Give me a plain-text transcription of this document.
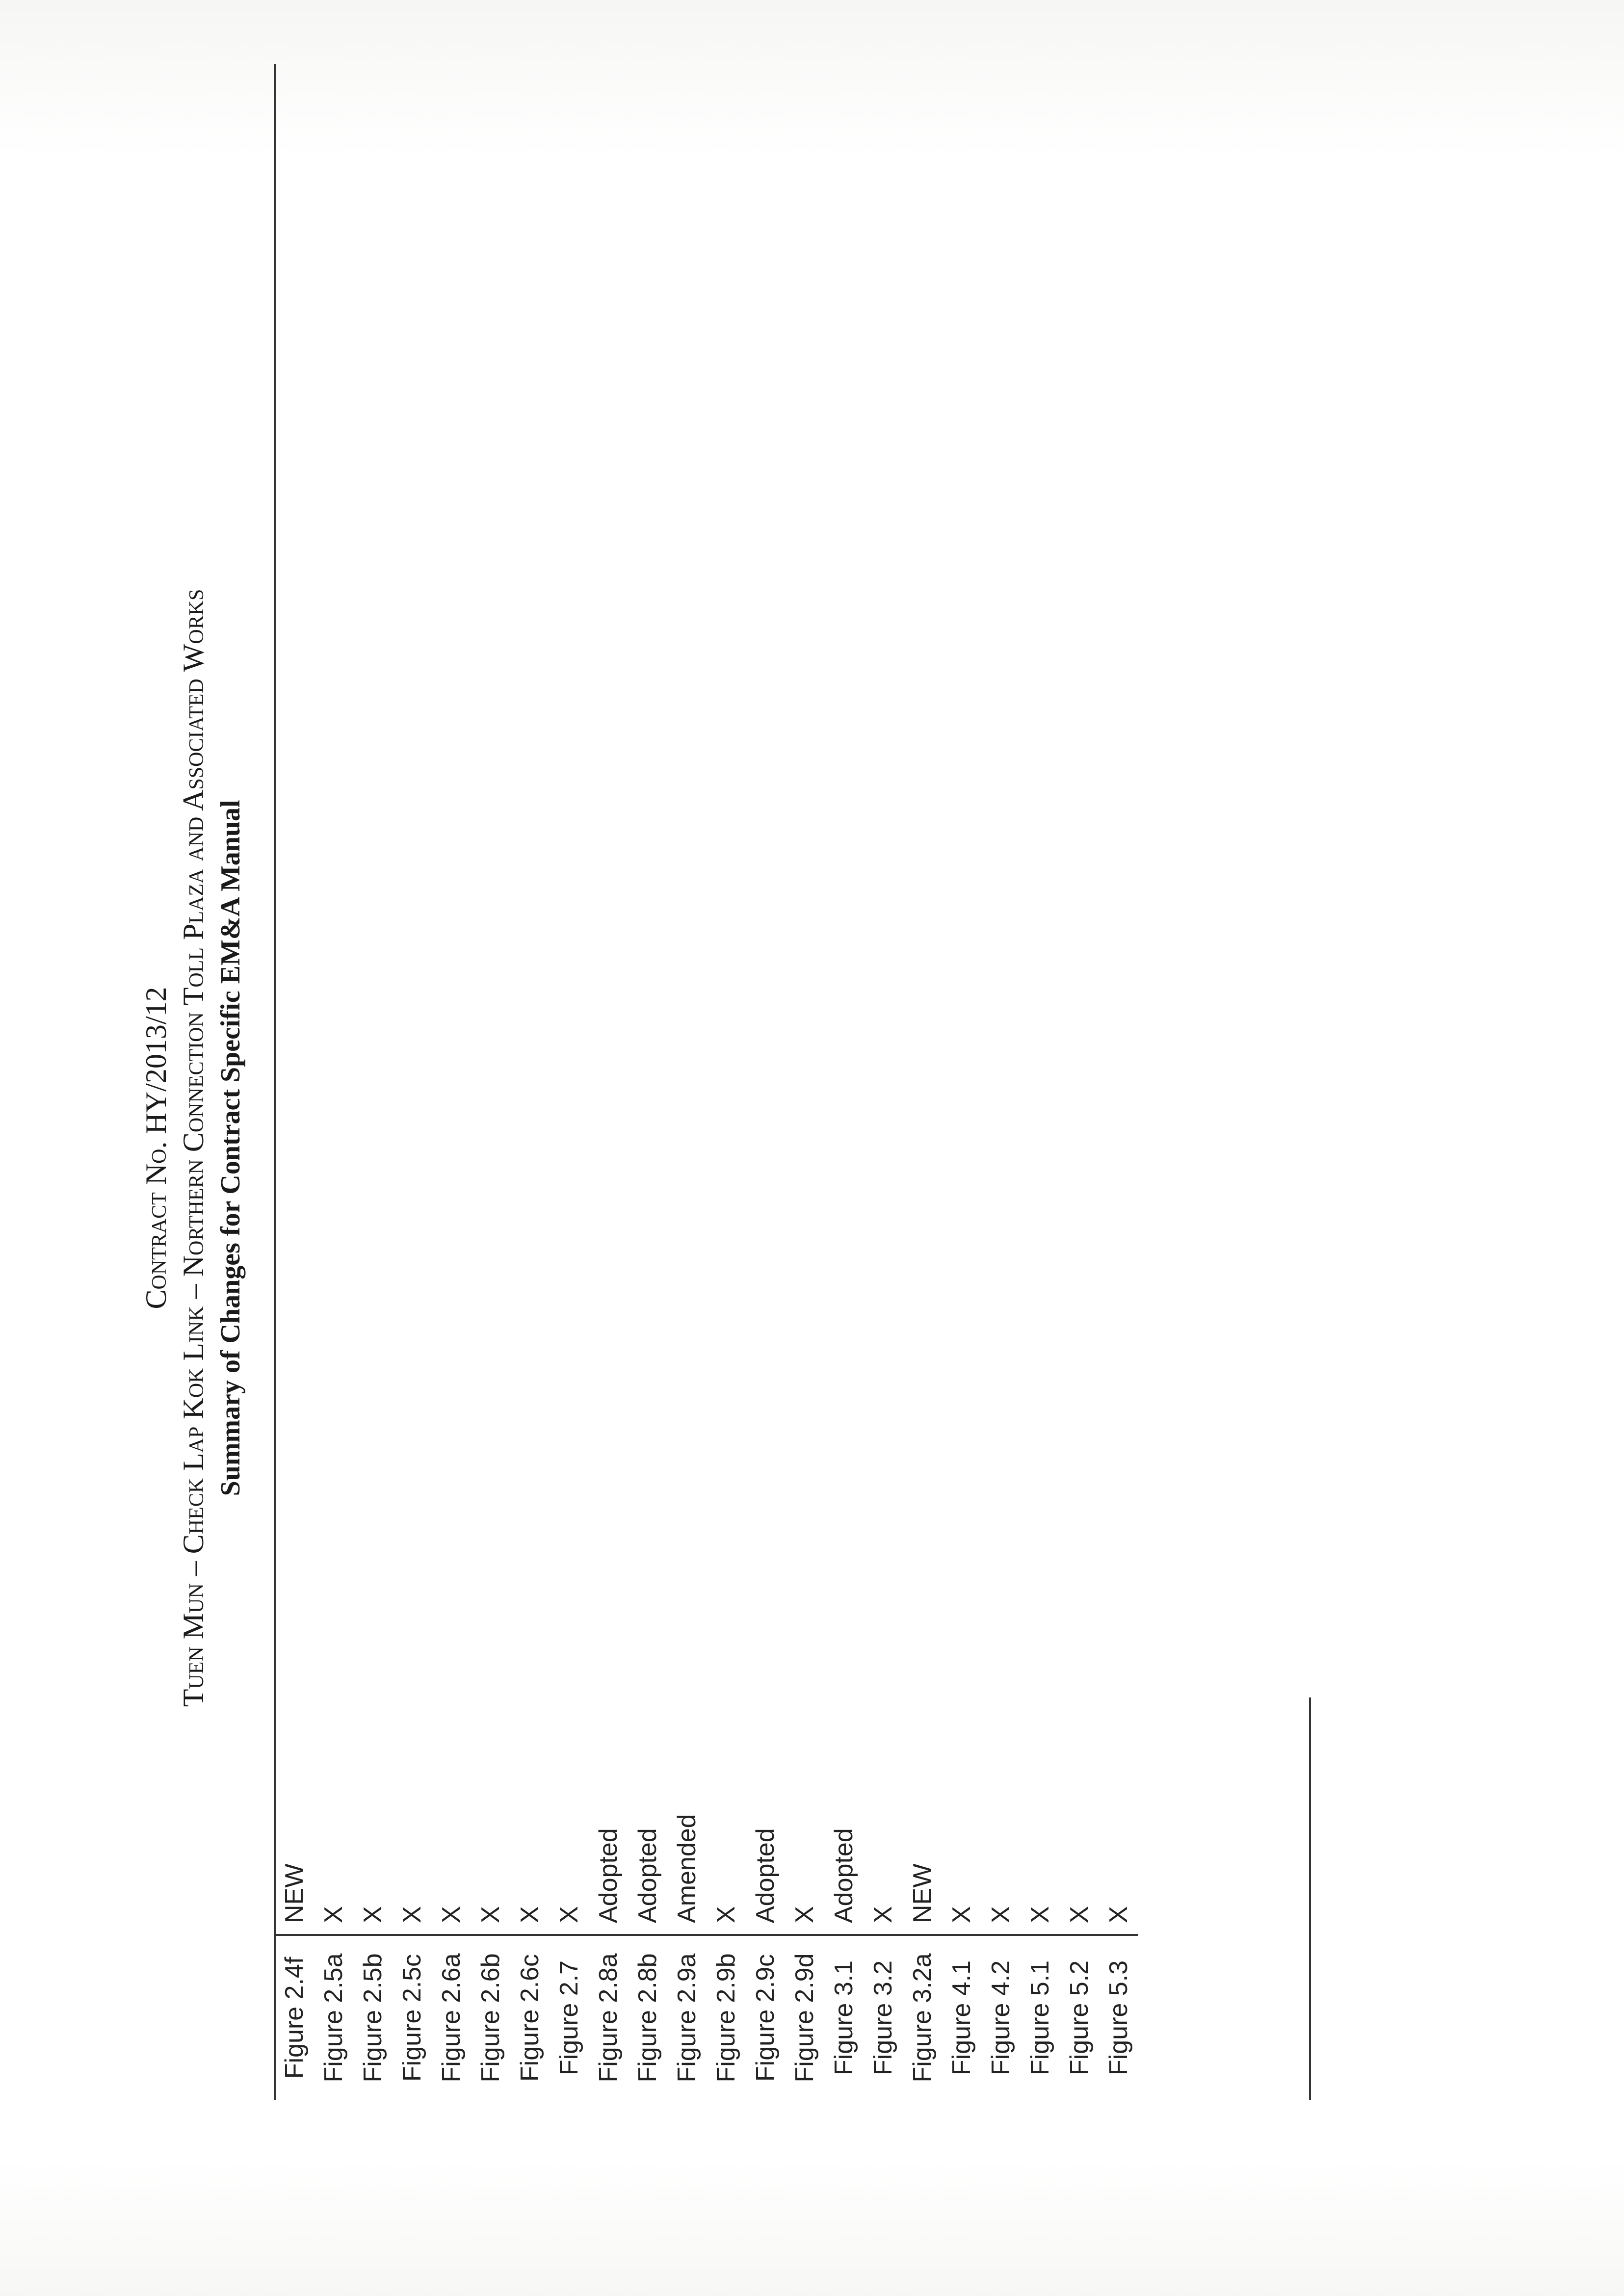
Contract No. HY/2013/12 Tuen Mun – Check Lap Kok Link – Northern Connection Toll Plaza and Associated Works Summary of Changes for Contract Specific EM&A Manual
Figure 2.4f	NEW
Figure 2.5a	X
Figure 2.5b	X
Figure 2.5c	X
Figure 2.6a	X
Figure 2.6b	X
Figure 2.6c	X
Figure 2.7	X
Figure 2.8a	Adopted
Figure 2.8b	Adopted
Figure 2.9a	Amended
Figure 2.9b	X
Figure 2.9c	Adopted
Figure 2.9d	X
Figure 3.1	Adopted
Figure 3.2	X
Figure 3.2a	NEW
Figure 4.1	X
Figure 4.2	X
Figure 5.1	X
Figure 5.2	X
Figure 5.3	X
